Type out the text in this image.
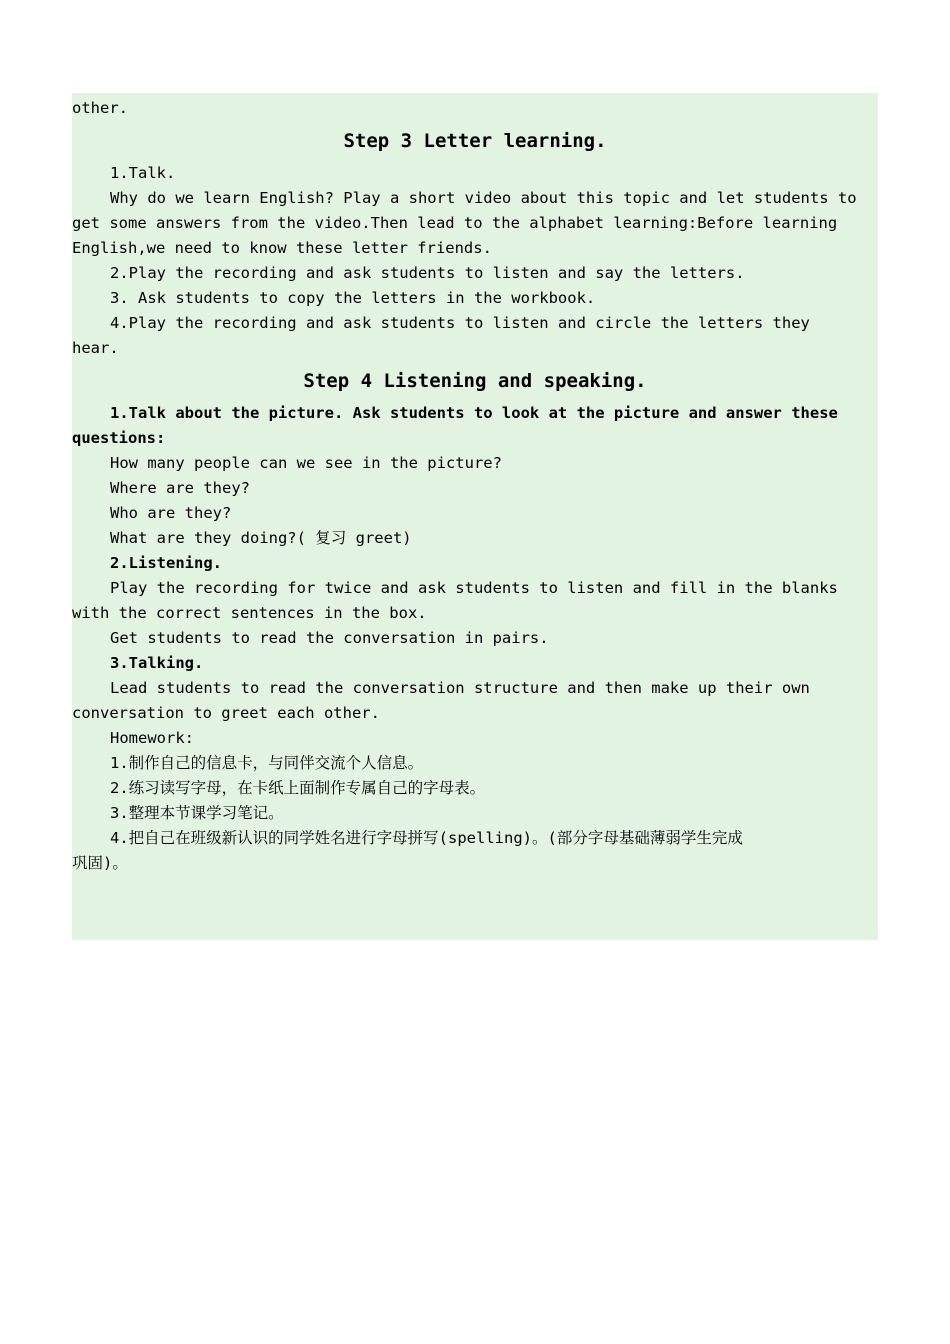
other.
Step 3 Letter learning.
1.Talk.
Why do we learn English? Play a short video about this topic and let students to
get some answers from the video.Then lead to the alphabet learning:Before learning
English,we need to know these letter friends.
2.Play the recording and ask students to listen and say the letters.
3. Ask students to copy the letters in the workbook.
4.Play the recording and ask students to listen and circle the letters they
hear.
Step 4 Listening and speaking.
1.Talk about the picture. Ask students to look at the picture and answer these
questions:
How many people can we see in the picture?
Where are they?
Who are they?
What are they doing?( 复习 greet)
2.Listening.
Play the recording for twice and ask students to listen and fill in the blanks
with the correct sentences in the box.
Get students to read the conversation in pairs.
3.Talking.
Lead students to read the conversation structure and then make up their own
conversation to greet each other.
Homework:
1.制作自己的信息卡，与同伴交流个人信息。
2.练习读写字母，在卡纸上面制作专属自己的字母表。
3.整理本节课学习笔记。
4.把自己在班级新认识的同学姓名进行字母拼写(spelling)。(部分字母基础薄弱学生完成
巩固)。
